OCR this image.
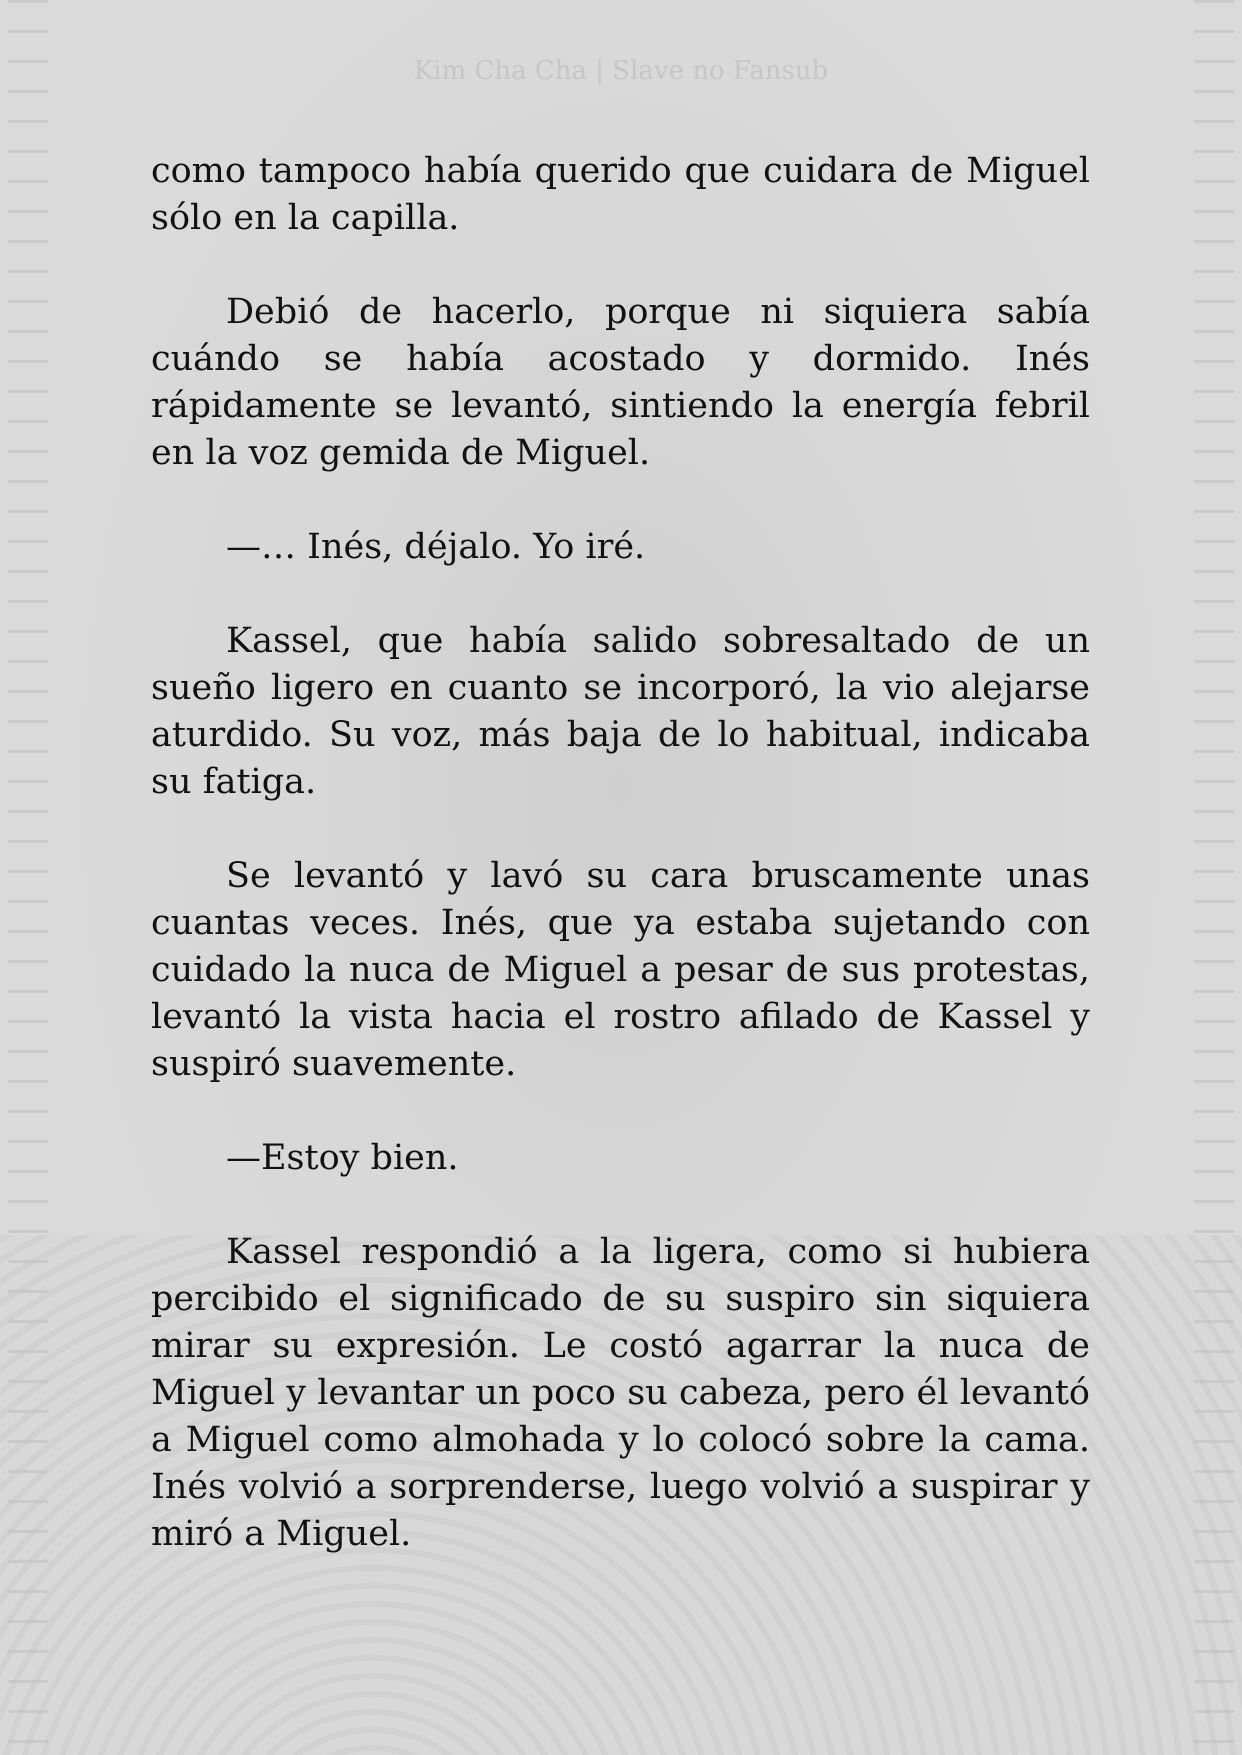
Kim Cha Cha | Slave no Fansub

como tampoco había querido que cuidara de Miguel sólo en la capilla.

Debió de hacerlo, porque ni siquiera sabía cuándo se había acostado y dormido. Inés rápidamente se levantó, sintiendo la energía febril en la voz gemida de Miguel.

—… Inés, déjalo. Yo iré.

Kassel, que había salido sobresaltado de un sueño ligero en cuanto se incorporó, la vio alejarse aturdido. Su voz, más baja de lo habitual, indicaba su fatiga.

Se levantó y lavó su cara bruscamente unas cuantas veces. Inés, que ya estaba sujetando con cuidado la nuca de Miguel a pesar de sus protestas, levantó la vista hacia el rostro afilado de Kassel y suspiró suavemente.

—Estoy bien.

Kassel respondió a la ligera, como si hubiera percibido el significado de su suspiro sin siquiera mirar su expresión. Le costó agarrar la nuca de Miguel y levantar un poco su cabeza, pero él levantó a Miguel como almohada y lo colocó sobre la cama. Inés volvió a sorprenderse, luego volvió a suspirar y miró a Miguel.
